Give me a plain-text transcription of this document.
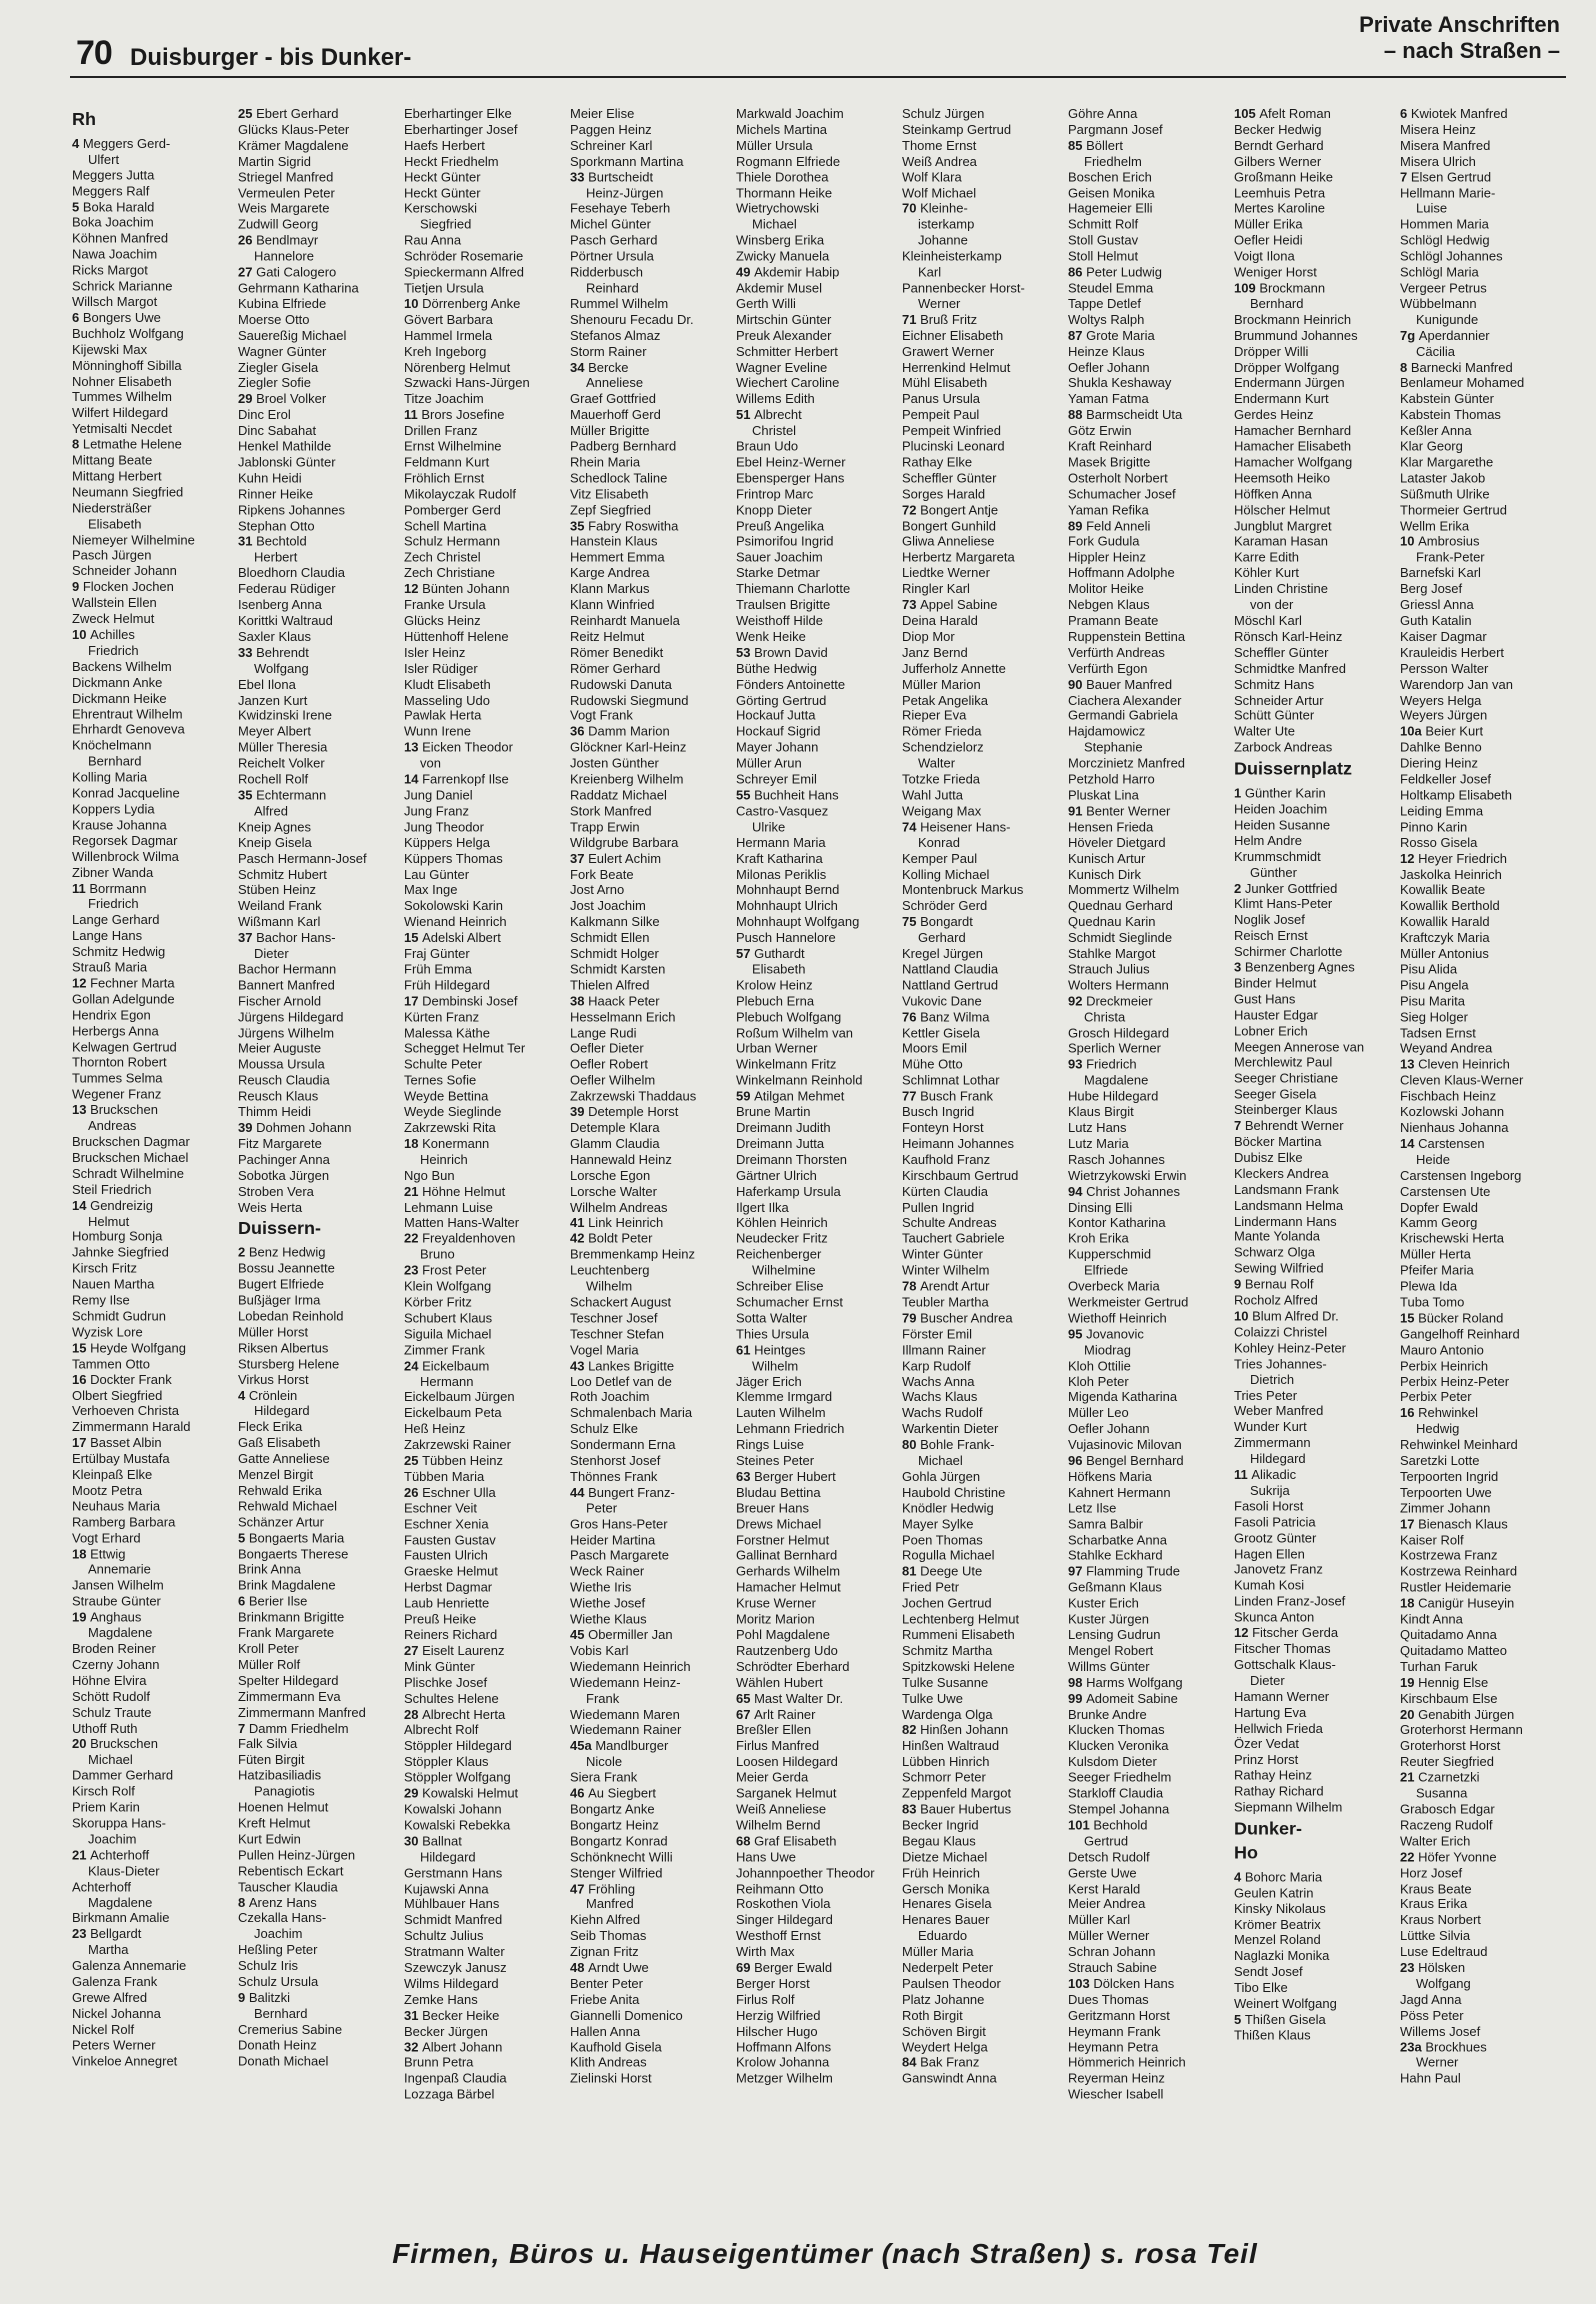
70 Duisburger - bis Dunker-
Private Anschriften
– nach Straßen –
Rh
4 Meggers Gerd-
Ulfert
Meggers Jutta
Meggers Ralf
5 Boka Harald
Boka Joachim
Köhnen Manfred
Nawa Joachim
Ricks Margot
Schrick Marianne
Willsch Margot
6 Bongers Uwe
Buchholz Wolfgang
Kijewski Max
Mönninghoff Sibilla
Nohner Elisabeth
Tummes Wilhelm
Wilfert Hildegard
Yetmisalti Necdet
8 Letmathe Helene
Mittang Beate
Mittang Herbert
Neumann Siegfried
Niedersträßer
Elisabeth
Niemeyer Wilhelmine
Pasch Jürgen
Schneider Johann
9 Flocken Jochen
Wallstein Ellen
Zweck Helmut
10 Achilles
Friedrich
Backens Wilhelm
Dickmann Anke
Dickmann Heike
Ehrentraut Wilhelm
Ehrhardt Genoveva
Knöchelmann
Bernhard
Kolling Maria
Konrad Jacqueline
Koppers Lydia
Krause Johanna
Regorsek Dagmar
Willenbrock Wilma
Zibner Wanda
11 Borrmann
Friedrich
Lange Gerhard
Lange Hans
Schmitz Hedwig
Strauß Maria
12 Fechner Marta
Gollan Adelgunde
Hendrix Egon
Herbergs Anna
Kelwagen Gertrud
Thornton Robert
Tummes Selma
Wegener Franz
13 Bruckschen
Andreas
Bruckschen Dagmar
Bruckschen Michael
Schradt Wilhelmine
Steil Friedrich
14 Gendreizig
Helmut
Homburg Sonja
Jahnke Siegfried
Kirsch Fritz
Nauen Martha
Remy Ilse
Schmidt Gudrun
Wyzisk Lore
15 Heyde Wolfgang
Tammen Otto
16 Dockter Frank
Olbert Siegfried
Verhoeven Christa
Zimmermann Harald
17 Basset Albin
Ertülbay Mustafa
Kleinpaß Elke
Mootz Petra
Neuhaus Maria
Ramberg Barbara
Vogt Erhard
18 Ettwig
Annemarie
Jansen Wilhelm
Straube Günter
19 Anghaus
Magdalene
Broden Reiner
Czerny Johann
Höhne Elvira
Schött Rudolf
Schulz Traute
Uthoff Ruth
20 Bruckschen
Michael
Dammer Gerhard
Kirsch Rolf
Priem Karin
Skoruppa Hans-
Joachim
21 Achterhoff
Klaus-Dieter
Achterhoff
Magdalene
Birkmann Amalie
23 Bellgardt
Martha
Galenza Annemarie
Galenza Frank
Grewe Alfred
Nickel Johanna
Nickel Rolf
Peters Werner
Vinkeloe Annegret
25 Ebert Gerhard
Glücks Klaus-Peter
Krämer Magdalene
Martin Sigrid
Striegel Manfred
Vermeulen Peter
Weis Margarete
Zudwill Georg
26 Bendlmayr
Hannelore
27 Gati Calogero
Gehrmann Katharina
Kubina Elfriede
Moerse Otto
Sauereßig Michael
Wagner Günter
Ziegler Gisela
Ziegler Sofie
29 Broel Volker
Dinc Erol
Dinc Sabahat
Henkel Mathilde
Jablonski Günter
Kuhn Heidi
Rinner Heike
Ripkens Johannes
Stephan Otto
31 Bechtold
Herbert
Bloedhorn Claudia
Federau Rüdiger
Isenberg Anna
Korittki Waltraud
Saxler Klaus
33 Behrendt
Wolfgang
Ebel Ilona
Janzen Kurt
Kwidzinski Irene
Meyer Albert
Müller Theresia
Reichelt Volker
Rochell Rolf
35 Echtermann
Alfred
Kneip Agnes
Kneip Gisela
Pasch Hermann-Josef
Schmitz Hubert
Stüben Heinz
Weiland Frank
Wißmann Karl
37 Bachor Hans-
Dieter
Bachor Hermann
Bannert Manfred
Fischer Arnold
Jürgens Hildegard
Jürgens Wilhelm
Meier Auguste
Moussa Ursula
Reusch Claudia
Reusch Klaus
Thimm Heidi
39 Dohmen Johann
Fitz Margarete
Pachinger Anna
Sobotka Jürgen
Stroben Vera
Weis Herta
Duissern-
2 Benz Hedwig
Bossu Jeannette
Bugert Elfriede
Bußjäger Irma
Lobedan Reinhold
Müller Horst
Riksen Albertus
Stursberg Helene
Virkus Horst
4 Crönlein
Hildegard
Fleck Erika
Gaß Elisabeth
Gatte Anneliese
Menzel Birgit
Rehwald Erika
Rehwald Michael
Schänzer Artur
5 Bongaerts Maria
Bongaerts Therese
Brink Anna
Brink Magdalene
6 Berier Ilse
Brinkmann Brigitte
Frank Margarete
Kroll Peter
Müller Rolf
Spelter Hildegard
Zimmermann Eva
Zimmermann Manfred
7 Damm Friedhelm
Falk Silvia
Füten Birgit
Hatzibasiliadis
Panagiotis
Hoenen Helmut
Kreft Helmut
Kurt Edwin
Pullen Heinz-Jürgen
Rebentisch Eckart
Tauscher Klaudia
8 Arenz Hans
Czekalla Hans-
Joachim
Heßling Peter
Schulz Iris
Schulz Ursula
9 Balitzki
Bernhard
Cremerius Sabine
Donath Heinz
Donath Michael
Eberhartinger Elke
Eberhartinger Josef
Haefs Herbert
Heckt Friedhelm
Heckt Günter
Heckt Günter
Kerschowski
Siegfried
Rau Anna
Schröder Rosemarie
Spieckermann Alfred
Tietjen Ursula
10 Dörrenberg Anke
Gövert Barbara
Hammel Irmela
Kreh Ingeborg
Nörenberg Helmut
Szwacki Hans-Jürgen
Titze Joachim
11 Brors Josefine
Drillen Franz
Ernst Wilhelmine
Feldmann Kurt
Fröhlich Ernst
Mikolayczak Rudolf
Pomberger Gerd
Schell Martina
Schulz Hermann
Zech Christel
Zech Christiane
12 Bünten Johann
Franke Ursula
Glücks Heinz
Hüttenhoff Helene
Isler Heinz
Isler Rüdiger
Kludt Elisabeth
Masseling Udo
Pawlak Herta
Wunn Irene
13 Eicken Theodor
von
14 Farrenkopf Ilse
Jung Daniel
Jung Franz
Jung Theodor
Küppers Helga
Küppers Thomas
Lau Günter
Max Inge
Sokolowski Karin
Wienand Heinrich
15 Adelski Albert
Fraj Günter
Früh Emma
Früh Hildegard
17 Dembinski Josef
Kürten Franz
Malessa Käthe
Schegget Helmut Ter
Schulte Peter
Ternes Sofie
Weyde Bettina
Weyde Sieglinde
Zakrzewski Rita
18 Konermann
Heinrich
Ngo Bun
21 Höhne Helmut
Lehmann Luise
Matten Hans-Walter
22 Freyaldenhoven
Bruno
23 Frost Peter
Klein Wolfgang
Körber Fritz
Schubert Klaus
Siguila Michael
Zimmer Frank
24 Eickelbaum
Hermann
Eickelbaum Jürgen
Eickelbaum Peta
Heß Heinz
Zakrzewski Rainer
25 Tübben Heinz
Tübben Maria
26 Eschner Ulla
Eschner Veit
Eschner Xenia
Fausten Gustav
Fausten Ulrich
Graeske Helmut
Herbst Dagmar
Laub Henriette
Preuß Heike
Reiners Richard
27 Eiselt Laurenz
Mink Günter
Plischke Josef
Schultes Helene
28 Albrecht Herta
Albrecht Rolf
Stöppler Hildegard
Stöppler Klaus
Stöppler Wolfgang
29 Kowalski Helmut
Kowalski Johann
Kowalski Rebekka
30 Ballnat
Hildegard
Gerstmann Hans
Kujawski Anna
Mühlbauer Hans
Schmidt Manfred
Schultz Julius
Stratmann Walter
Szewczyk Janusz
Wilms Hildegard
Zemke Hans
31 Becker Heike
Becker Jürgen
32 Albert Johann
Brunn Petra
Ingenpaß Claudia
Lozzaga Bärbel
Meier Elise
Paggen Heinz
Schreiner Karl
Sporkmann Martina
33 Burtscheidt
Heinz-Jürgen
Fesehaye Teberh
Michel Günter
Pasch Gerhard
Pörtner Ursula
Ridderbusch
Reinhard
Rummel Wilhelm
Shenouru Fecadu Dr.
Stefanos Almaz
Storm Rainer
34 Bercke
Anneliese
Graef Gottfried
Mauerhoff Gerd
Müller Brigitte
Padberg Bernhard
Rhein Maria
Schedlock Taline
Vitz Elisabeth
Zepf Siegfried
35 Fabry Roswitha
Hanstein Klaus
Hemmert Emma
Karge Andrea
Klann Markus
Klann Winfried
Reinhardt Manuela
Reitz Helmut
Römer Benedikt
Römer Gerhard
Rudowski Danuta
Rudowski Siegmund
Vogt Frank
36 Damm Marion
Glöckner Karl-Heinz
Josten Günther
Kreienberg Wilhelm
Raddatz Michael
Stork Manfred
Trapp Erwin
Wildgrube Barbara
37 Eulert Achim
Fork Beate
Jost Arno
Jost Joachim
Kalkmann Silke
Schmidt Ellen
Schmidt Holger
Schmidt Karsten
Thielen Alfred
38 Haack Peter
Hesselmann Erich
Lange Rudi
Oefler Dieter
Oefler Robert
Oefler Wilhelm
Zakrzewski Thaddaus
39 Detemple Horst
Detemple Klara
Glamm Claudia
Hannewald Heinz
Lorsche Egon
Lorsche Walter
Wilhelm Andreas
41 Link Heinrich
42 Boldt Peter
Bremmenkamp Heinz
Leuchtenberg
Wilhelm
Schackert August
Teschner Josef
Teschner Stefan
Vogel Maria
43 Lankes Brigitte
Loo Detlef van de
Roth Joachim
Schmalenbach Maria
Schulz Elke
Sondermann Erna
Stenhorst Josef
Thönnes Frank
44 Bungert Franz-
Peter
Gros Hans-Peter
Heider Martina
Pasch Margarete
Weck Rainer
Wiethe Iris
Wiethe Josef
Wiethe Klaus
45 Obermiller Jan
Vobis Karl
Wiedemann Heinrich
Wiedemann Heinz-
Frank
Wiedemann Maren
Wiedemann Rainer
45a Mandlburger
Nicole
Siera Frank
46 Au Siegbert
Bongartz Anke
Bongartz Heinz
Bongartz Konrad
Schönknecht Willi
Stenger Wilfried
47 Fröhling
Manfred
Kiehn Alfred
Seib Thomas
Zignan Fritz
48 Arndt Uwe
Benter Peter
Friebe Anita
Giannelli Domenico
Hallen Anna
Kaufhold Gisela
Klith Andreas
Zielinski Horst
Markwald Joachim
Michels Martina
Müller Ursula
Rogmann Elfriede
Thiele Dorothea
Thormann Heike
Wietrychowski
Michael
Winsberg Erika
Zwicky Manuela
49 Akdemir Habip
Akdemir Musel
Gerth Willi
Mirtschin Günter
Preuk Alexander
Schmitter Herbert
Wagner Eveline
Wiechert Caroline
Willems Edith
51 Albrecht
Christel
Braun Udo
Ebel Heinz-Werner
Ebensperger Hans
Frintrop Marc
Knopp Dieter
Preuß Angelika
Psimorifou Ingrid
Sauer Joachim
Starke Detmar
Thiemann Charlotte
Traulsen Brigitte
Weisthoff Hilde
Wenk Heike
53 Brown David
Büthe Hedwig
Fönders Antoinette
Görting Gertrud
Hockauf Jutta
Hockauf Sigrid
Mayer Johann
Müller Arun
Schreyer Emil
55 Buchheit Hans
Castro-Vasquez
Ulrike
Hermann Maria
Kraft Katharina
Milonas Periklis
Mohnhaupt Bernd
Mohnhaupt Ulrich
Mohnhaupt Wolfgang
Pusch Hannelore
57 Guthardt
Elisabeth
Krolow Heinz
Plebuch Erna
Plebuch Wolfgang
Roßum Wilhelm van
Urban Werner
Winkelmann Fritz
Winkelmann Reinhold
59 Atilgan Mehmet
Brune Martin
Dreimann Judith
Dreimann Jutta
Dreimann Thorsten
Gärtner Ulrich
Haferkamp Ursula
Ilgert Ilka
Köhlen Heinrich
Neudecker Fritz
Reichenberger
Wilhelmine
Schreiber Elise
Schumacher Ernst
Sotta Walter
Thies Ursula
61 Heintges
Wilhelm
Jäger Erich
Klemme Irmgard
Lauten Wilhelm
Lehmann Friedrich
Rings Luise
Steines Peter
63 Berger Hubert
Bludau Bettina
Breuer Hans
Drews Michael
Forstner Helmut
Gallinat Bernhard
Gerhards Wilhelm
Hamacher Helmut
Kruse Werner
Moritz Marion
Pohl Magdalene
Rautzenberg Udo
Schrödter Eberhard
Wählen Hubert
65 Mast Walter Dr.
67 Arlt Rainer
Breßler Ellen
Firlus Manfred
Loosen Hildegard
Meier Gerda
Sarganek Helmut
Weiß Anneliese
Wilhelm Bernd
68 Graf Elisabeth
Hans Uwe
Johannpoether Theodor
Reihmann Otto
Roskothen Viola
Singer Hildegard
Westhoff Ernst
Wirth Max
69 Berger Ewald
Berger Horst
Firlus Rolf
Herzig Wilfried
Hilscher Hugo
Hoffmann Alfons
Krolow Johanna
Metzger Wilhelm
Schulz Jürgen
Steinkamp Gertrud
Thome Ernst
Weiß Andrea
Wolf Klara
Wolf Michael
70 Kleinhe-
isterkamp
Johanne
Kleinheisterkamp
Karl
Pannenbecker Horst-
Werner
71 Bruß Fritz
Eichner Elisabeth
Grawert Werner
Herrenkind Helmut
Mühl Elisabeth
Panus Ursula
Pempeit Paul
Pempeit Winfried
Plucinski Leonard
Rathay Elke
Scheffler Günter
Sorges Harald
72 Bongert Antje
Bongert Gunhild
Gliwa Anneliese
Herbertz Margareta
Liedtke Werner
Ringler Karl
73 Appel Sabine
Deina Harald
Diop Mor
Janz Bernd
Jufferholz Annette
Müller Marion
Petak Angelika
Rieper Eva
Römer Frieda
Schendzielorz
Walter
Totzke Frieda
Wahl Jutta
Weigang Max
74 Heisener Hans-
Konrad
Kemper Paul
Kolling Michael
Montenbruck Markus
Schröder Gerd
75 Bongardt
Gerhard
Kregel Jürgen
Nattland Claudia
Nattland Gertrud
Vukovic Dane
76 Banz Wilma
Kettler Gisela
Moors Emil
Mühe Otto
Schlimnat Lothar
77 Busch Frank
Busch Ingrid
Fonteyn Horst
Heimann Johannes
Kaufhold Franz
Kirschbaum Gertrud
Kürten Claudia
Pullen Ingrid
Schulte Andreas
Tauchert Gabriele
Winter Günter
Winter Wilhelm
78 Arendt Artur
Teubler Martha
79 Buscher Andrea
Förster Emil
Illmann Rainer
Karp Rudolf
Wachs Anna
Wachs Klaus
Wachs Rudolf
Warkentin Dieter
80 Bohle Frank-
Michael
Gohla Jürgen
Haubold Christine
Knödler Hedwig
Mayer Sylke
Poen Thomas
Rogulla Michael
81 Deege Ute
Fried Petr
Jochen Gertrud
Lechtenberg Helmut
Rummeni Elisabeth
Schmitz Martha
Spitzkowski Helene
Tulke Susanne
Tulke Uwe
Wardenga Olga
82 Hinßen Johann
Hinßen Waltraud
Lübben Hinrich
Schmorr Peter
Zeppenfeld Margot
83 Bauer Hubertus
Becker Ingrid
Begau Klaus
Dietze Michael
Früh Heinrich
Gersch Monika
Henares Gisela
Henares Bauer
Eduardo
Müller Maria
Nederpelt Peter
Paulsen Theodor
Platz Johanne
Roth Birgit
Schöven Birgit
Weydert Helga
84 Bak Franz
Ganswindt Anna
Göhre Anna
Pargmann Josef
85 Böllert
Friedhelm
Boschen Erich
Geisen Monika
Hagemeier Elli
Schmitt Rolf
Stoll Gustav
Stoll Helmut
86 Peter Ludwig
Steudel Emma
Tappe Detlef
Woltys Ralph
87 Grote Maria
Heinze Klaus
Oefler Johann
Shukla Keshaway
Yaman Fatma
88 Barmscheidt Uta
Götz Erwin
Kraft Reinhard
Masek Brigitte
Osterholt Norbert
Schumacher Josef
Yaman Refika
89 Feld Anneli
Fork Gudula
Hippler Heinz
Hoffmann Adolphe
Molitor Heike
Nebgen Klaus
Pramann Beate
Ruppenstein Bettina
Verfürth Andreas
Verfürth Egon
90 Bauer Manfred
Ciachera Alexander
Germandi Gabriela
Hajdamowicz
Stephanie
Morczinietz Manfred
Petzhold Harro
Pluskat Lina
91 Benter Werner
Hensen Frieda
Höveler Dietgard
Kunisch Artur
Kunisch Dirk
Mommertz Wilhelm
Quednau Gerhard
Quednau Karin
Schmidt Sieglinde
Stahlke Margot
Strauch Julius
Wolters Hermann
92 Dreckmeier
Christa
Grosch Hildegard
Sperlich Werner
93 Friedrich
Magdalene
Hube Hildegard
Klaus Birgit
Lutz Hans
Lutz Maria
Rasch Johannes
Wietrzykowski Erwin
94 Christ Johannes
Dinsing Elli
Kontor Katharina
Kroh Erika
Kupperschmid
Elfriede
Overbeck Maria
Werkmeister Gertrud
Wiethoff Heinrich
95 Jovanovic
Miodrag
Kloh Ottilie
Kloh Peter
Migenda Katharina
Müller Leo
Oefler Johann
Vujasinovic Milovan
96 Bengel Bernhard
Höfkens Maria
Kahnert Hermann
Letz Ilse
Samra Balbir
Scharbatke Anna
Stahlke Eckhard
97 Flamming Trude
Geßmann Klaus
Kuster Erich
Kuster Jürgen
Lensing Gudrun
Mengel Robert
Willms Günter
98 Harms Wolfgang
99 Adomeit Sabine
Brunke Andre
Klucken Thomas
Klucken Veronika
Kulsdom Dieter
Seeger Friedhelm
Starkloff Claudia
Stempel Johanna
101 Bechhold
Gertrud
Detsch Rudolf
Gerste Uwe
Kerst Harald
Meier Andrea
Müller Karl
Müller Werner
Schran Johann
Strauch Sabine
103 Dölcken Hans
Dues Thomas
Geritzmann Horst
Heymann Frank
Heymann Petra
Hömmerich Heinrich
Reyerman Heinz
Wiescher Isabell
105 Afelt Roman
Becker Hedwig
Berndt Gerhard
Gilbers Werner
Großmann Heike
Leemhuis Petra
Mertes Karoline
Müller Erika
Oefler Heidi
Voigt Ilona
Weniger Horst
109 Brockmann
Bernhard
Brockmann Heinrich
Brummund Johannes
Dröpper Willi
Dröpper Wolfgang
Endermann Jürgen
Endermann Kurt
Gerdes Heinz
Hamacher Bernhard
Hamacher Elisabeth
Hamacher Wolfgang
Heemsoth Heiko
Höffken Anna
Hölscher Helmut
Jungblut Margret
Karaman Hasan
Karre Edith
Köhler Kurt
Linden Christine
von der
Möschl Karl
Rönsch Karl-Heinz
Scheffler Günter
Schmidtke Manfred
Schmitz Hans
Schneider Artur
Schütt Günter
Walter Ute
Zarbock Andreas
Duissernplatz
1 Günther Karin
Heiden Joachim
Heiden Susanne
Helm Andre
Krummschmidt
Günther
2 Junker Gottfried
Klimt Hans-Peter
Noglik Josef
Reisch Ernst
Schirmer Charlotte
3 Benzenberg Agnes
Binder Helmut
Gust Hans
Hauster Edgar
Lobner Erich
Meegen Annerose van
Merchlewitz Paul
Seeger Christiane
Seeger Gisela
Steinberger Klaus
7 Behrendt Werner
Böcker Martina
Dubisz Elke
Kleckers Andrea
Landsmann Frank
Landsmann Helma
Lindermann Hans
Mante Yolanda
Schwarz Olga
Sewing Wilfried
9 Bernau Rolf
Rocholz Alfred
10 Blum Alfred Dr.
Colaizzi Christel
Kohley Heinz-Peter
Tries Johannes-
Dietrich
Tries Peter
Weber Manfred
Wunder Kurt
Zimmermann
Hildegard
11 Alikadic
Sukrija
Fasoli Horst
Fasoli Patricia
Grootz Günter
Hagen Ellen
Janovetz Franz
Kumah Kosi
Linden Franz-Josef
Skunca Anton
12 Fitscher Gerda
Fitscher Thomas
Gottschalk Klaus-
Dieter
Hamann Werner
Hartung Eva
Hellwich Frieda
Özer Vedat
Prinz Horst
Rathay Heinz
Rathay Richard
Siepmann Wilhelm
Dunker-
Ho
4 Bohorc Maria
Geulen Katrin
Kinsky Nikolaus
Krömer Beatrix
Menzel Roland
Naglazki Monika
Sendt Josef
Tibo Elke
Weinert Wolfgang
5 Thißen Gisela
Thißen Klaus
6 Kwiotek Manfred
Misera Heinz
Misera Manfred
Misera Ulrich
7 Elsen Gertrud
Hellmann Marie-
Luise
Hommen Maria
Schlögl Hedwig
Schlögl Johannes
Schlögl Maria
Vergeer Petrus
Wübbelmann
Kunigunde
7g Aperdannier
Cäcilia
8 Barnecki Manfred
Benlameur Mohamed
Kabstein Günter
Kabstein Thomas
Keßler Anna
Klar Georg
Klar Margarethe
Lataster Jakob
Süßmuth Ulrike
Thormeier Gertrud
Wellm Erika
10 Ambrosius
Frank-Peter
Barnefski Karl
Berg Josef
Griessl Anna
Guth Katalin
Kaiser Dagmar
Krauleidis Herbert
Persson Walter
Warendorp Jan van
Weyers Helga
Weyers Jürgen
10a Beier Kurt
Dahlke Benno
Diering Heinz
Feldkeller Josef
Holtkamp Elisabeth
Leiding Emma
Pinno Karin
Rosso Gisela
12 Heyer Friedrich
Jaskolka Heinrich
Kowallik Beate
Kowallik Berthold
Kowallik Harald
Kraftczyk Maria
Müller Antonius
Pisu Alida
Pisu Angela
Pisu Marita
Sieg Holger
Tadsen Ernst
Weyand Andrea
13 Cleven Heinrich
Cleven Klaus-Werner
Fischbach Heinz
Kozlowski Johann
Nienhaus Johanna
14 Carstensen
Heide
Carstensen Ingeborg
Carstensen Ute
Dopfer Ewald
Kamm Georg
Krischewski Herta
Müller Herta
Pfeifer Maria
Plewa Ida
Tuba Tomo
15 Bücker Roland
Gangelhoff Reinhard
Mauro Antonio
Perbix Heinrich
Perbix Heinz-Peter
Perbix Peter
16 Rehwinkel
Hedwig
Rehwinkel Meinhard
Saretzki Lotte
Terpoorten Ingrid
Terpoorten Uwe
Zimmer Johann
17 Bienasch Klaus
Kaiser Rolf
Kostrzewa Franz
Kostrzewa Reinhard
Rustler Heidemarie
18 Canigür Huseyin
Kindt Anna
Quitadamo Anna
Quitadamo Matteo
Turhan Faruk
19 Hennig Else
Kirschbaum Else
20 Genabith Jürgen
Groterhorst Hermann
Groterhorst Horst
Reuter Siegfried
21 Czarnetzki
Susanna
Grabosch Edgar
Raczeng Rudolf
Walter Erich
22 Höfer Yvonne
Horz Josef
Kraus Beate
Kraus Erika
Kraus Norbert
Lüttke Silvia
Luse Edeltraud
23 Hölsken
Wolfgang
Jagd Anna
Pöss Peter
Willems Josef
23a Brockhues
Werner
Hahn Paul
Firmen, Büros u. Hauseigentümer (nach Straßen) s. rosa Teil
